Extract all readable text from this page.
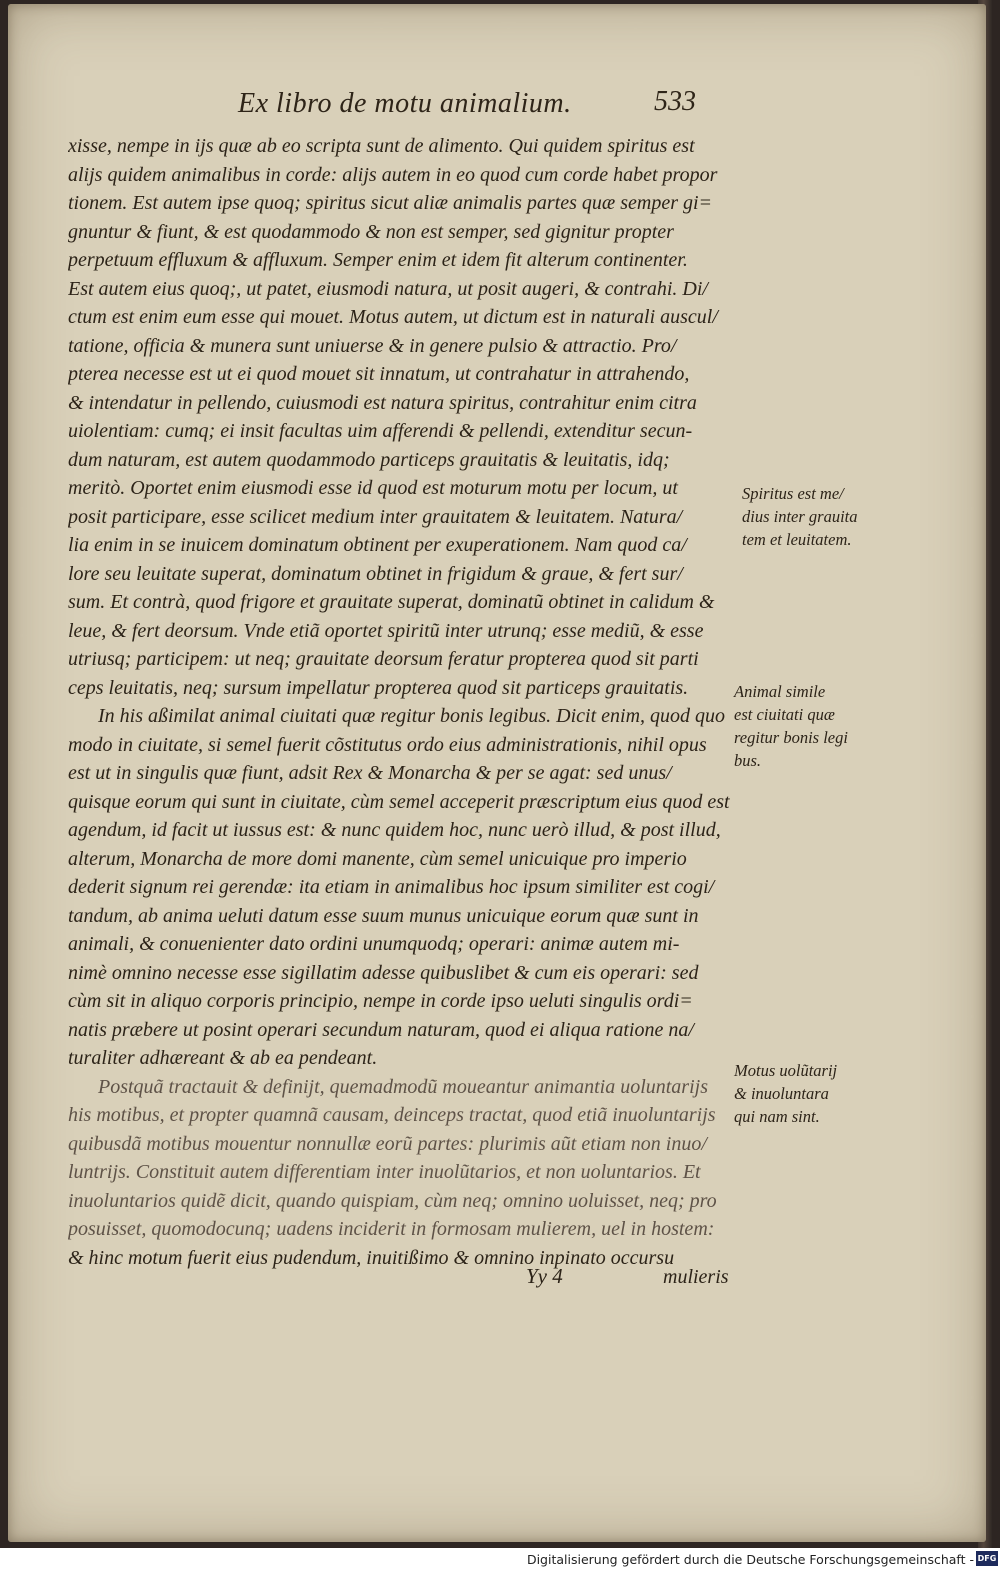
Ex libro de motu animalium.	533
xisse, nempe in ijs quæ ab eo scripta sunt de alimento. Qui quidem spiritus est
alijs quidem animalibus in corde: alijs autem in eo quod cum corde habet propor
tionem. Est autem ipse quoq; spiritus sicut aliæ animalis partes quæ semper gi=
gnuntur & fiunt, & est quodammodo & non est semper, sed gignitur propter
perpetuum effluxum & affluxum. Semper enim et idem fit alterum continenter.
Est autem eius quoq;, ut patet, eiusmodi natura, ut posit augeri, & contrahi. Di/
ctum est enim eum esse qui mouet. Motus autem, ut dictum est in naturali auscul/
tatione, officia & munera sunt uniuerse & in genere pulsio & attractio. Pro/
pterea necesse est ut ei quod mouet sit innatum, ut contrahatur in attrahendo,
& intendatur in pellendo, cuiusmodi est natura spiritus, contrahitur enim citra
uiolentiam: cumq; ei insit facultas uim afferendi & pellendi, extenditur secun-
dum naturam, est autem quodammodo particeps grauitatis & leuitatis, idq;
meritò. Oportet enim eiusmodi esse id quod est moturum motu per locum, ut
posit participare, esse scilicet medium inter grauitatem & leuitatem. Natura/
lia enim in se inuicem dominatum obtinent per exuperationem. Nam quod ca/
lore seu leuitate superat, dominatum obtinet in frigidum & graue, & fert sur/
sum. Et contrà, quod frigore et grauitate superat, dominatũ obtinet in calidum &
leue, & fert deorsum. Vnde etiã oportet spiritũ inter utrunq; esse mediũ, & esse
utriusq; participem: ut neq; grauitate deorsum feratur propterea quod sit parti
ceps leuitatis, neq; sursum impellatur propterea quod sit particeps grauitatis.
In his aßimilat animal ciuitati quæ regitur bonis legibus. Dicit enim, quod quo
modo in ciuitate, si semel fuerit cõstitutus ordo eius administrationis, nihil opus
est ut in singulis quæ fiunt, adsit Rex & Monarcha & per se agat: sed unus/
quisque eorum qui sunt in ciuitate, cùm semel acceperit præscriptum eius quod est
agendum, id facit ut iussus est: & nunc quidem hoc, nunc uerò illud, & post illud,
alterum, Monarcha de more domi manente, cùm semel unicuique pro imperio
dederit signum rei gerendæ: ita etiam in animalibus hoc ipsum similiter est cogi/
tandum, ab anima ueluti datum esse suum munus unicuique eorum quæ sunt in
animali, & conuenienter dato ordini unumquodq; operari: animæ autem mi-
nimè omnino necesse esse sigillatim adesse quibuslibet & cum eis operari: sed
cùm sit in aliquo corporis principio, nempe in corde ipso ueluti singulis ordi=
natis præbere ut posint operari secundum naturam, quod ei aliqua ratione na/
turaliter adhæreant & ab ea pendeant.
Postquã tractauit & definijt, quemadmodũ moueantur animantia uoluntarijs
his motibus, et propter quamnã causam, deinceps tractat, quod etiã inuoluntarijs
quibusdã motibus mouentur nonnullæ eorũ partes: plurimis aũt etiam non inuo/
luntrijs. Constituit autem differentiam inter inuolũtarios, et non uoluntarios. Et
inuoluntarios quidẽ dicit, quando quispiam, cùm neq; omnino uoluisset, neq; pro
posuisset, quomodocunq; uadens inciderit in formosam mulierem, uel in hostem:
& hinc motum fuerit eius pudendum, inuitißimo & omnino inpinato occursu
Spiritus est me/
dius inter grauita
tem et leuitatem.
Animal simile
est ciuitati quæ
regitur bonis legi
bus.
Motus uolũtarij
& inuoluntara
qui nam sint.
Yy 4	mulieris
Digitalisierung gefördert durch die Deutsche Forschungsgemeinschaft - DFG
